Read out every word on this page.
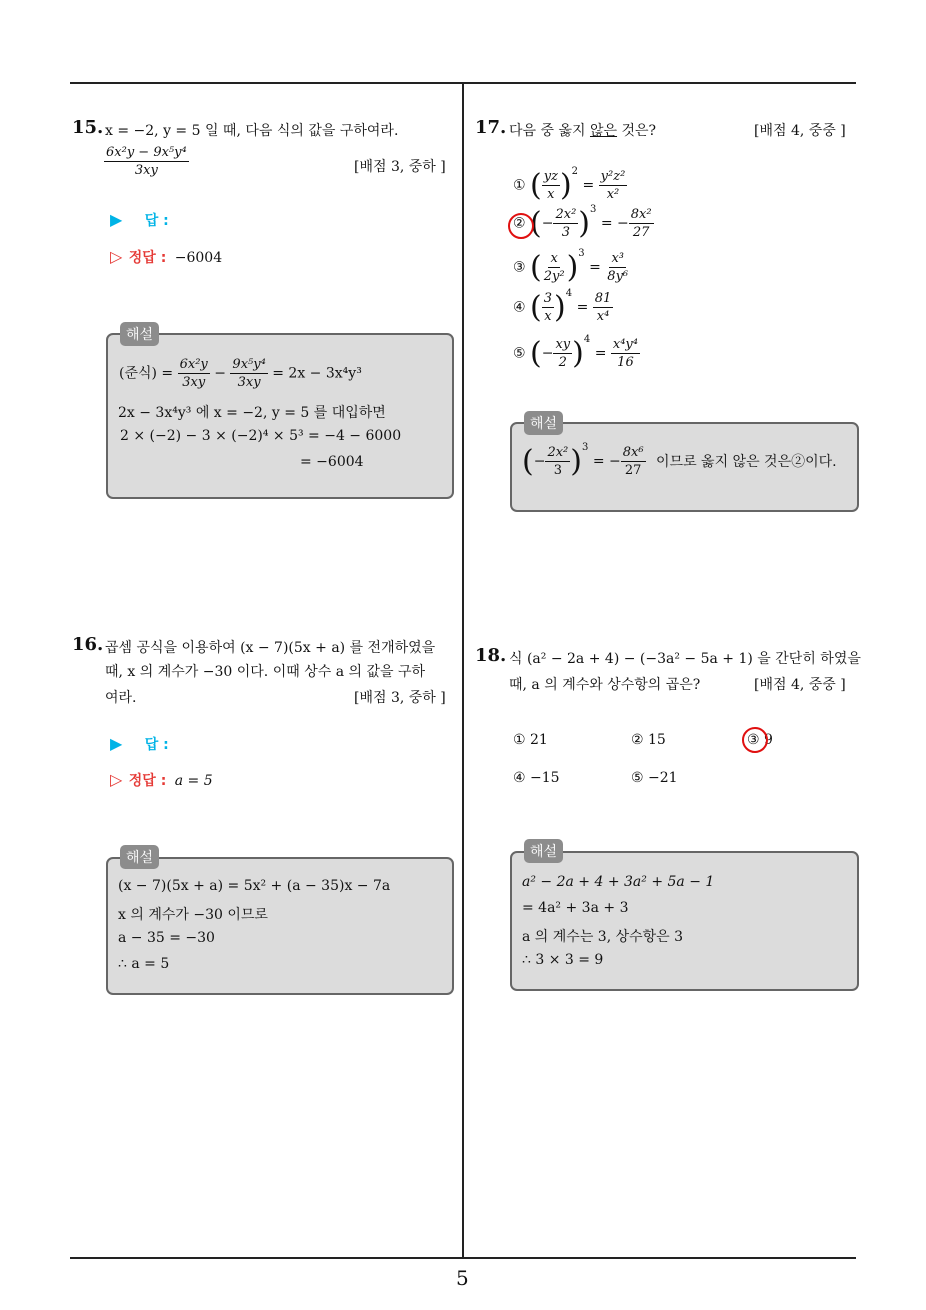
5
15. x = −2, y = 5 일 때, 다음 식의 값을 구하여라.
$\frac{\text{6x²y − 9x⁵y⁴}}{3xy}$	[배점 3, 중하 ]
▶ 답 :
▷ 정답 : −6004
해설
(준식) = $\frac{\text{6x²y}}{3xy} - \frac{\text{9x⁵y⁴}}{3xy} = 2x - 3x^4y^3$
2x − 3x⁴y³ 에 x = −2, y = 5 를 대입하면
2 × (−2) − 3 × (−2)⁴ × 5³ = −4 − 6000
= −6004
16. 곱셈 공식을 이용하여 (x − 7)(5x + a) 를 전개하였을
때, x 의 계수가 −30 이다. 이때 상수 a 의 값을 구하
여라.	[배점 3, 중하 ]
▶ 답 :
▷ 정답 : a = 5
해설
(x − 7)(5x + a) = 5x² + (a − 35)x − 7a
x 의 계수가 −30 이므로
a − 35 = −30
∴ a = 5
17. 다음 중 옳지 않은 것은?	[배점 4, 중중 ]
① ( $\frac{yz}{x} )^2 = \frac{\text{y²z²}}{\text{x²}}$
② (− $\frac{\text{2x²}}{3} )^3$ = − $\frac{\text{8x²}}{27}$
③ ( $\frac{x}{\text{2y²}} )^3 = \frac{\text{x³}}{\text{8y⁶}}$
④ ( $\frac{3}{x} )^4 = \frac{81}{\text{x⁴}}$
⑤ (− $\frac{xy}{2} )^4 = \frac{\text{x⁴y⁴}}{16}$
해설
(− $\frac{\text{2x²}}{3} )^3$ = − $\frac{\text{8x⁶}}{27}$ 이므로 옳지 않은 것은②이다.
18. 식 (a² − 2a + 4) − (−3a² − 5a + 1) 을 간단히 하였을
때, a 의 계수와 상수항의 곱은?	[배점 4, 중중 ]
① 21	② 15	③ 9
④ −15	⑤ −21
해설
a² − 2a + 4 + 3a² + 5a − 1
= 4a² + 3a + 3
a 의 계수는 3, 상수항은 3
∴ 3 × 3 = 9
